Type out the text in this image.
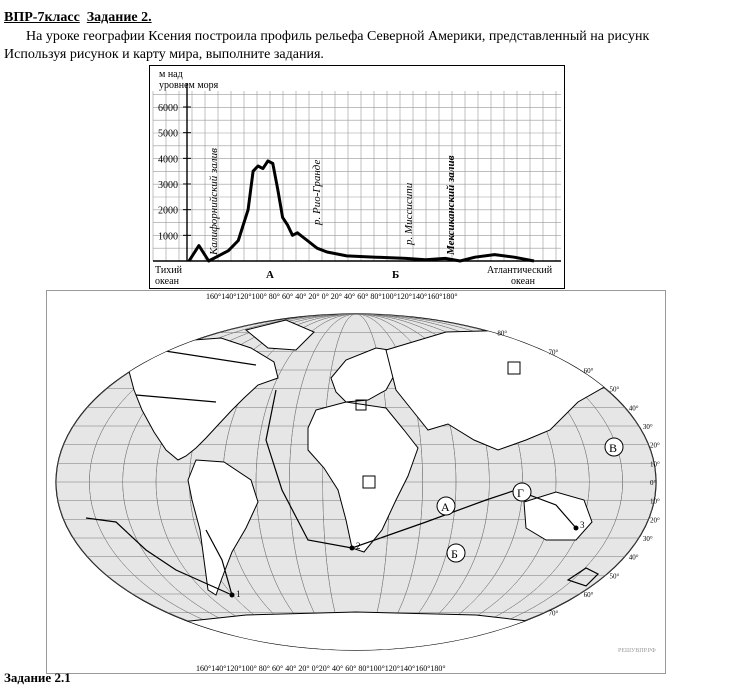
ВПР-7класс Задание 2.
На уроке географии Ксения построила профиль рельефа Северной Америки, представленный на рисунк
Используя рисунок и карту мира, выполните задания.
м над
уровнем моря
6000
5000
4000
3000
2000
1000	Калифорнийский залив	р. Рио-Гранде	р. Миссисипи	Мексиканский залив
Тихий
океан
Атлантический
океан
А	Б
А
Б
В
Г
1
2
3
160°140°120°100° 80° 60° 40° 20° 0° 20° 40° 60° 80°100°120°140°160°180°
160°140°120°100° 80° 60° 40° 20° 0°20° 40° 60° 80°100°120°140°160°180°
80°
70°
60°
50°
40°
30°
20°
10°
0°
10°
20°
30°
40°
50°
60°
70°
РЕШУВПР.РФ
Задание 2.1
